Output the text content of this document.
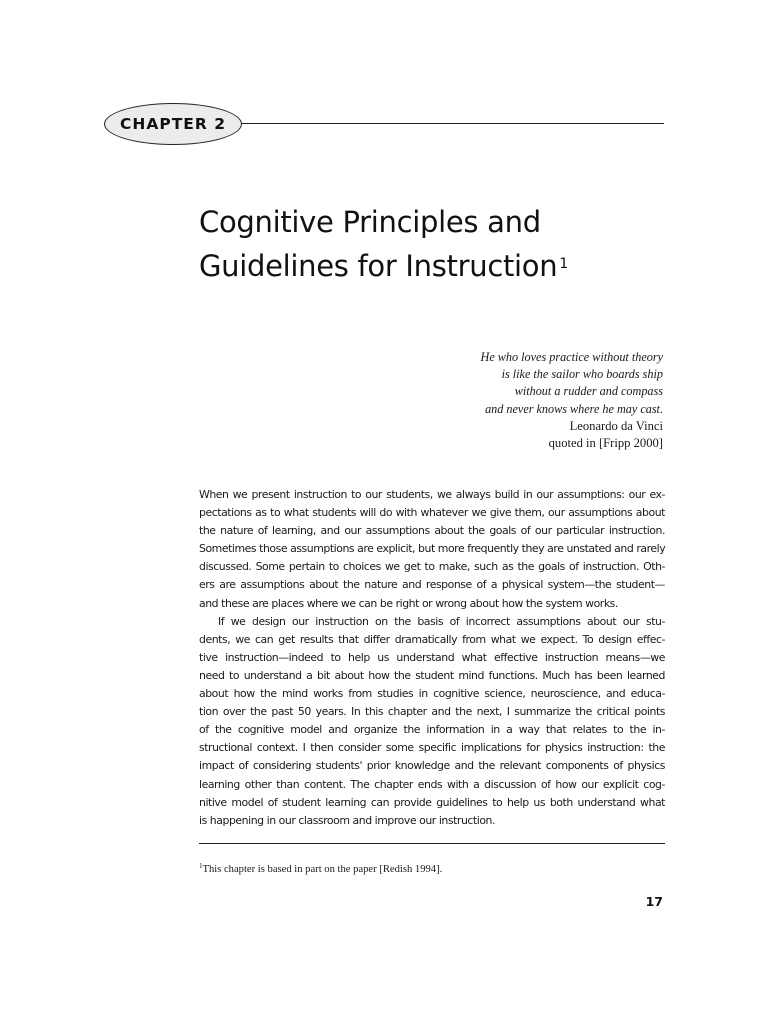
CHAPTER 2
Cognitive Principles and
Guidelines for Instruction $^1$
He who loves practice without theory
is like the sailor who boards ship
without a rudder and compass
and never knows where he may cast.
Leonardo da Vinci
quoted in [Fripp 2000]
When we present instruction to our students, we always build in our assumptions: our ex-
pectations as to what students will do with whatever we give them, our assumptions about
the nature of learning, and our assumptions about the goals of our particular instruction.
Sometimes those assumptions are explicit, but more frequently they are unstated and rarely
discussed. Some pertain to choices we get to make, such as the goals of instruction. Oth-
ers are assumptions about the nature and response of a physical system—the student—
and these are places where we can be right or wrong about how the system works.
If we design our instruction on the basis of incorrect assumptions about our stu-
dents, we can get results that differ dramatically from what we expect. To design effec-
tive instruction—indeed to help us understand what effective instruction means—we
need to understand a bit about how the student mind functions. Much has been learned
about how the mind works from studies in cognitive science, neuroscience, and educa-
tion over the past 50 years. In this chapter and the next, I summarize the critical points
of the cognitive model and organize the information in a way that relates to the in-
structional context. I then consider some specific implications for physics instruction: the
impact of considering students' prior knowledge and the relevant components of physics
learning other than content. The chapter ends with a discussion of how our explicit cog-
nitive model of student learning can provide guidelines to help us both understand what
is happening in our classroom and improve our instruction.
$^1$This chapter is based in part on the paper [Redish 1994].
17
